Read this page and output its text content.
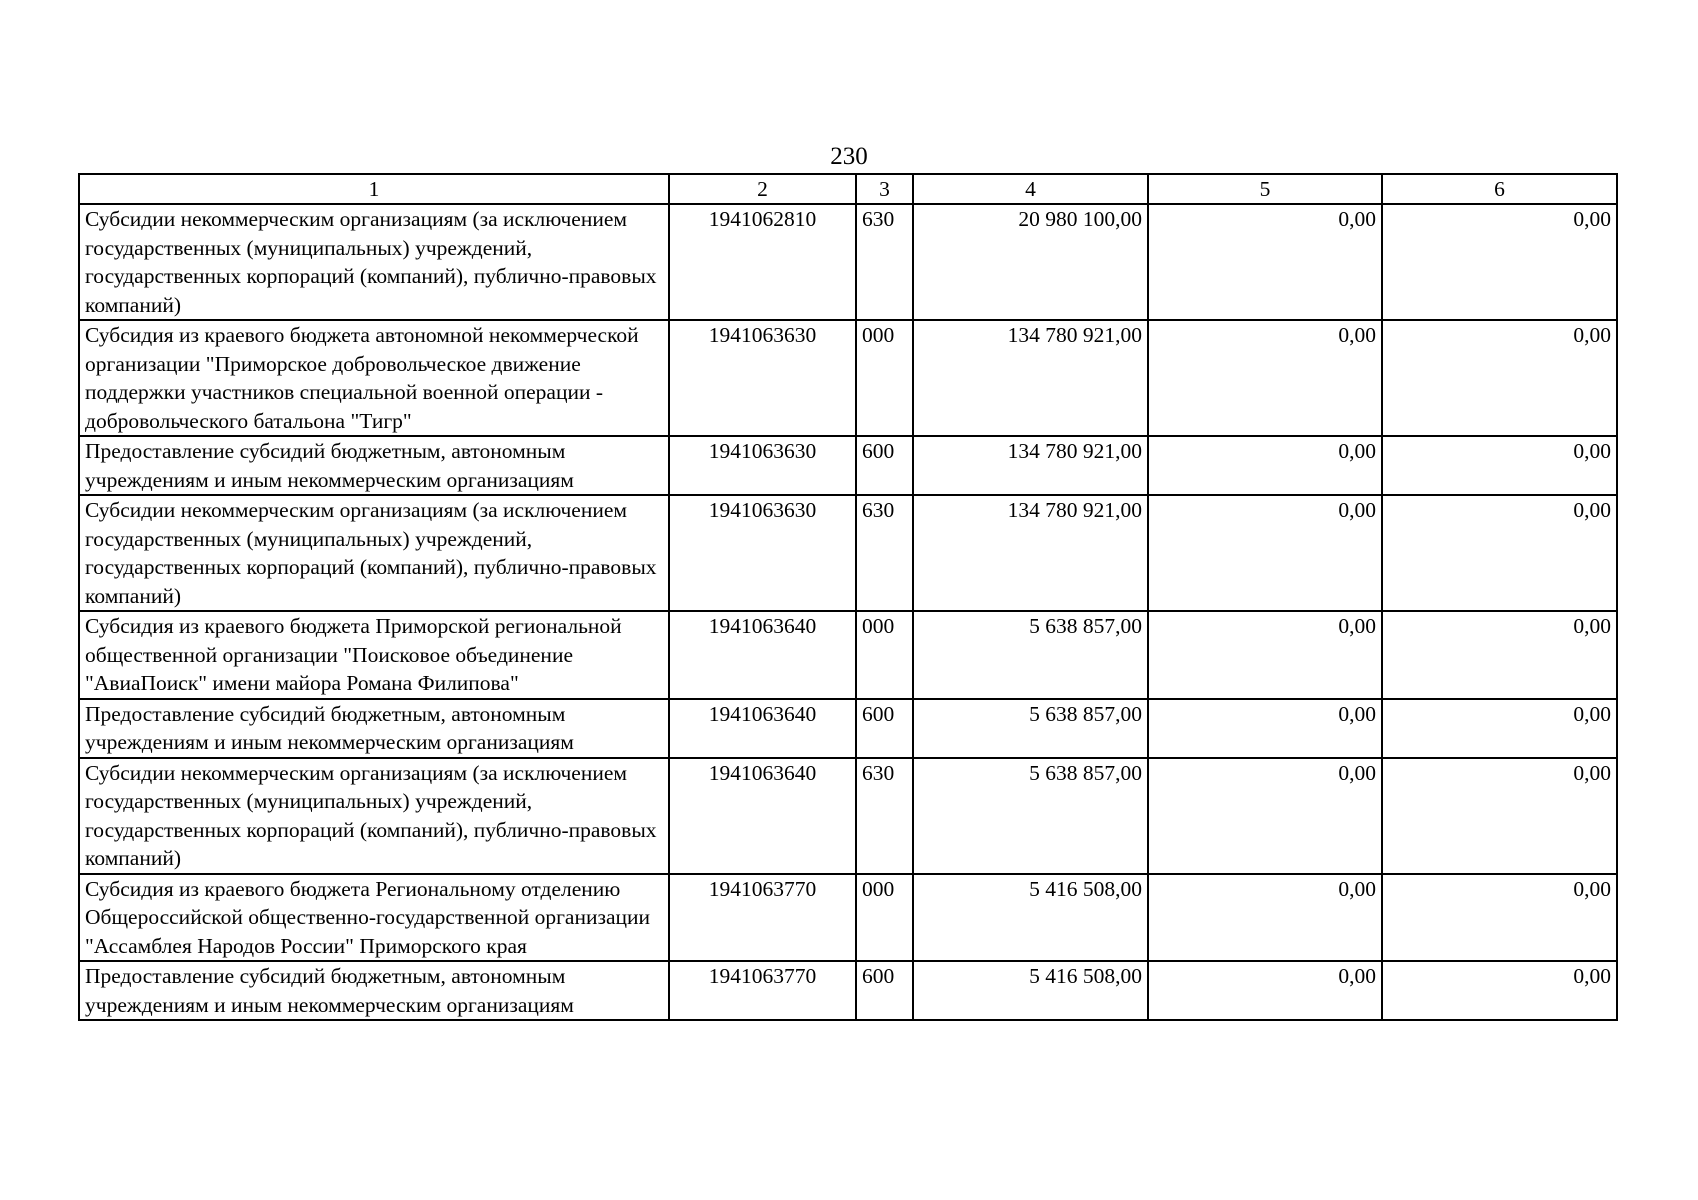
230
1	2	3	4	5	6
Субсидии некоммерческим организациям (за исключением государственных (муниципальных) учреждений, государственных корпораций (компаний), публично-правовых компаний)	1941062810	630	20 980 100,00	0,00	0,00
Субсидия из краевого бюджета автономной некоммерческой организации "Приморское добровольческое движение поддержки участников специальной военной операции - добровольческого батальона "Тигр"	1941063630	000	134 780 921,00	0,00	0,00
Предоставление субсидий бюджетным, автономным учреждениям и иным некоммерческим организациям	1941063630	600	134 780 921,00	0,00	0,00
Субсидии некоммерческим организациям (за исключением государственных (муниципальных) учреждений, государственных корпораций (компаний), публично-правовых компаний)	1941063630	630	134 780 921,00	0,00	0,00
Субсидия из краевого бюджета Приморской региональной общественной организации "Поисковое объединение "АвиаПоиск" имени майора Романа Филипова"	1941063640	000	5 638 857,00	0,00	0,00
Предоставление субсидий бюджетным, автономным учреждениям и иным некоммерческим организациям	1941063640	600	5 638 857,00	0,00	0,00
Субсидии некоммерческим организациям (за исключением государственных (муниципальных) учреждений, государственных корпораций (компаний), публично-правовых компаний)	1941063640	630	5 638 857,00	0,00	0,00
Субсидия из краевого бюджета Региональному отделению Общероссийской общественно-государственной организации "Ассамблея Народов России" Приморского края	1941063770	000	5 416 508,00	0,00	0,00
Предоставление субсидий бюджетным, автономным учреждениям и иным некоммерческим организациям	1941063770	600	5 416 508,00	0,00	0,00
